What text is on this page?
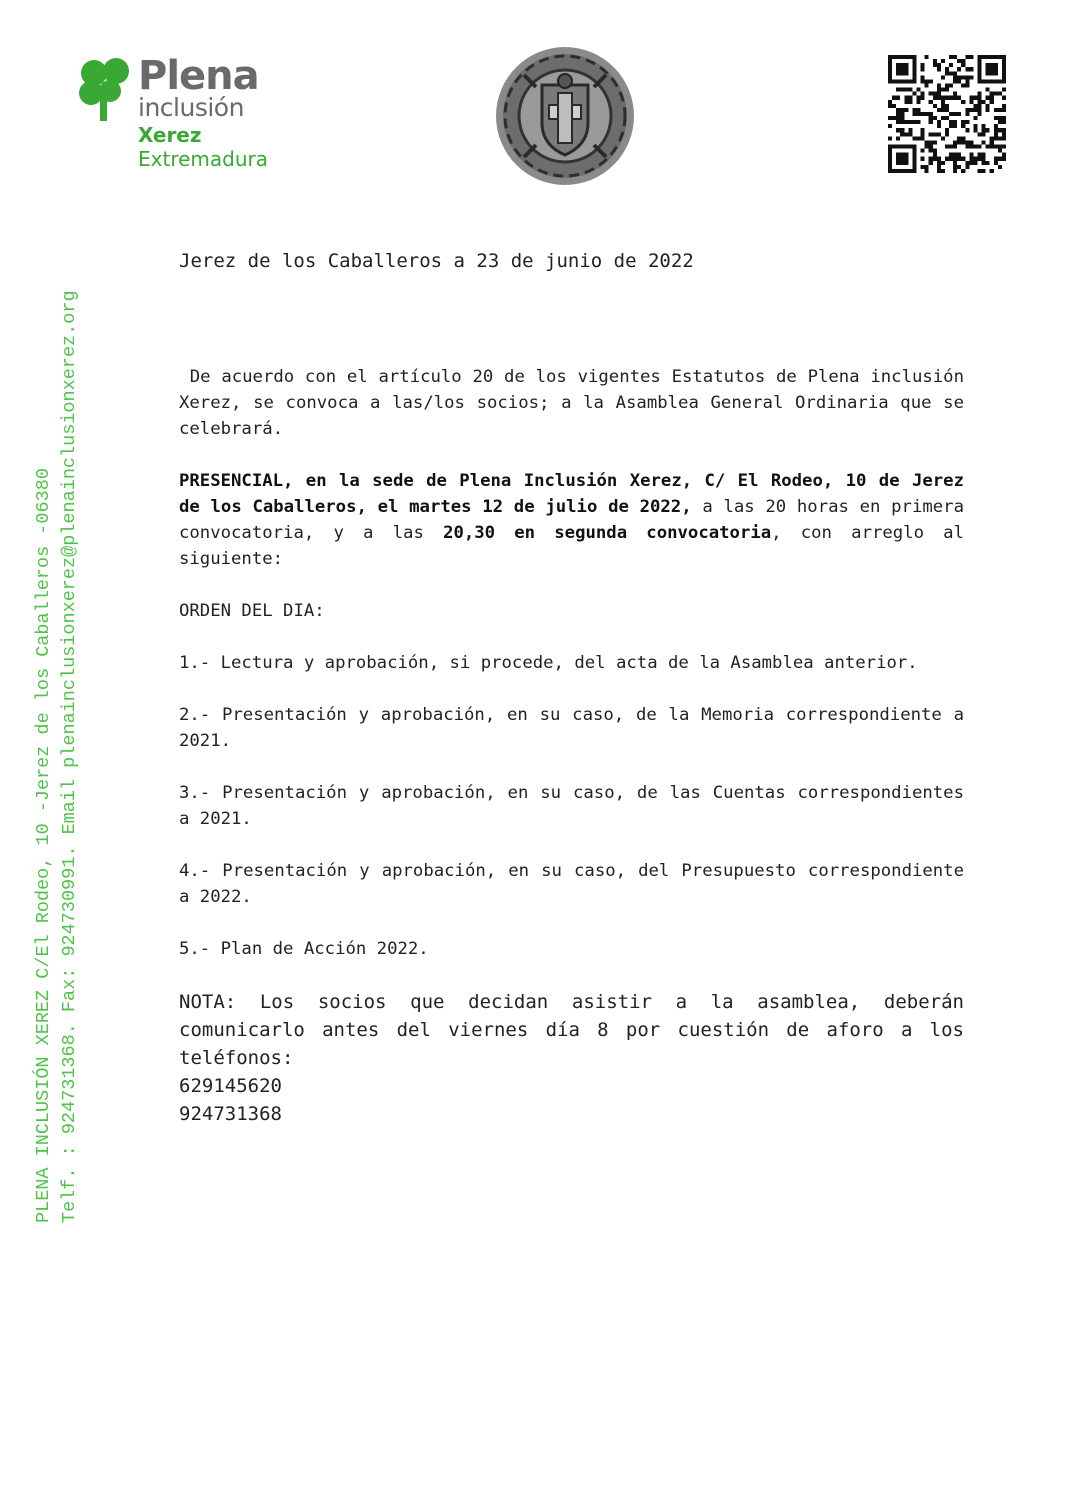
Plena
inclusión
Xerez
Extremadura
PLENA INCLUSIÓN XEREZ C/El Rodeo, 10 -Jerez de los Caballeros -06380 Telf. : 924731368. Fax: 924730991. Email plenainclusionxerez@plenainclusionxerez.org
Jerez de los Caballeros a 23 de junio de 2022

De acuerdo con el artículo 20 de los vigentes Estatutos de Plena inclusión Xerez, se convoca a las/los socios; a la Asamblea General Ordinaria que se celebrará.

PRESENCIAL, en la sede de Plena Inclusión Xerez, C/ El Rodeo, 10 de Jerez de los Caballeros, el martes 12 de julio de 2022, a las 20 horas en primera convocatoria, y a las 20,30 en segunda convocatoria, con arreglo al siguiente:

ORDEN DEL DIA:

1.- Lectura y aprobación, si procede, del acta de la Asamblea anterior.

2.- Presentación y aprobación, en su caso, de la Memoria correspondiente a 2021.

3.- Presentación y aprobación, en su caso, de las Cuentas correspondientes a 2021.

4.- Presentación y aprobación, en su caso, del Presupuesto correspondiente a 2022.

5.- Plan de Acción 2022.

NOTA: Los socios que decidan asistir a la asamblea, deberán comunicarlo antes del viernes día 8 por cuestión de aforo a los teléfonos:

629145620

924731368
